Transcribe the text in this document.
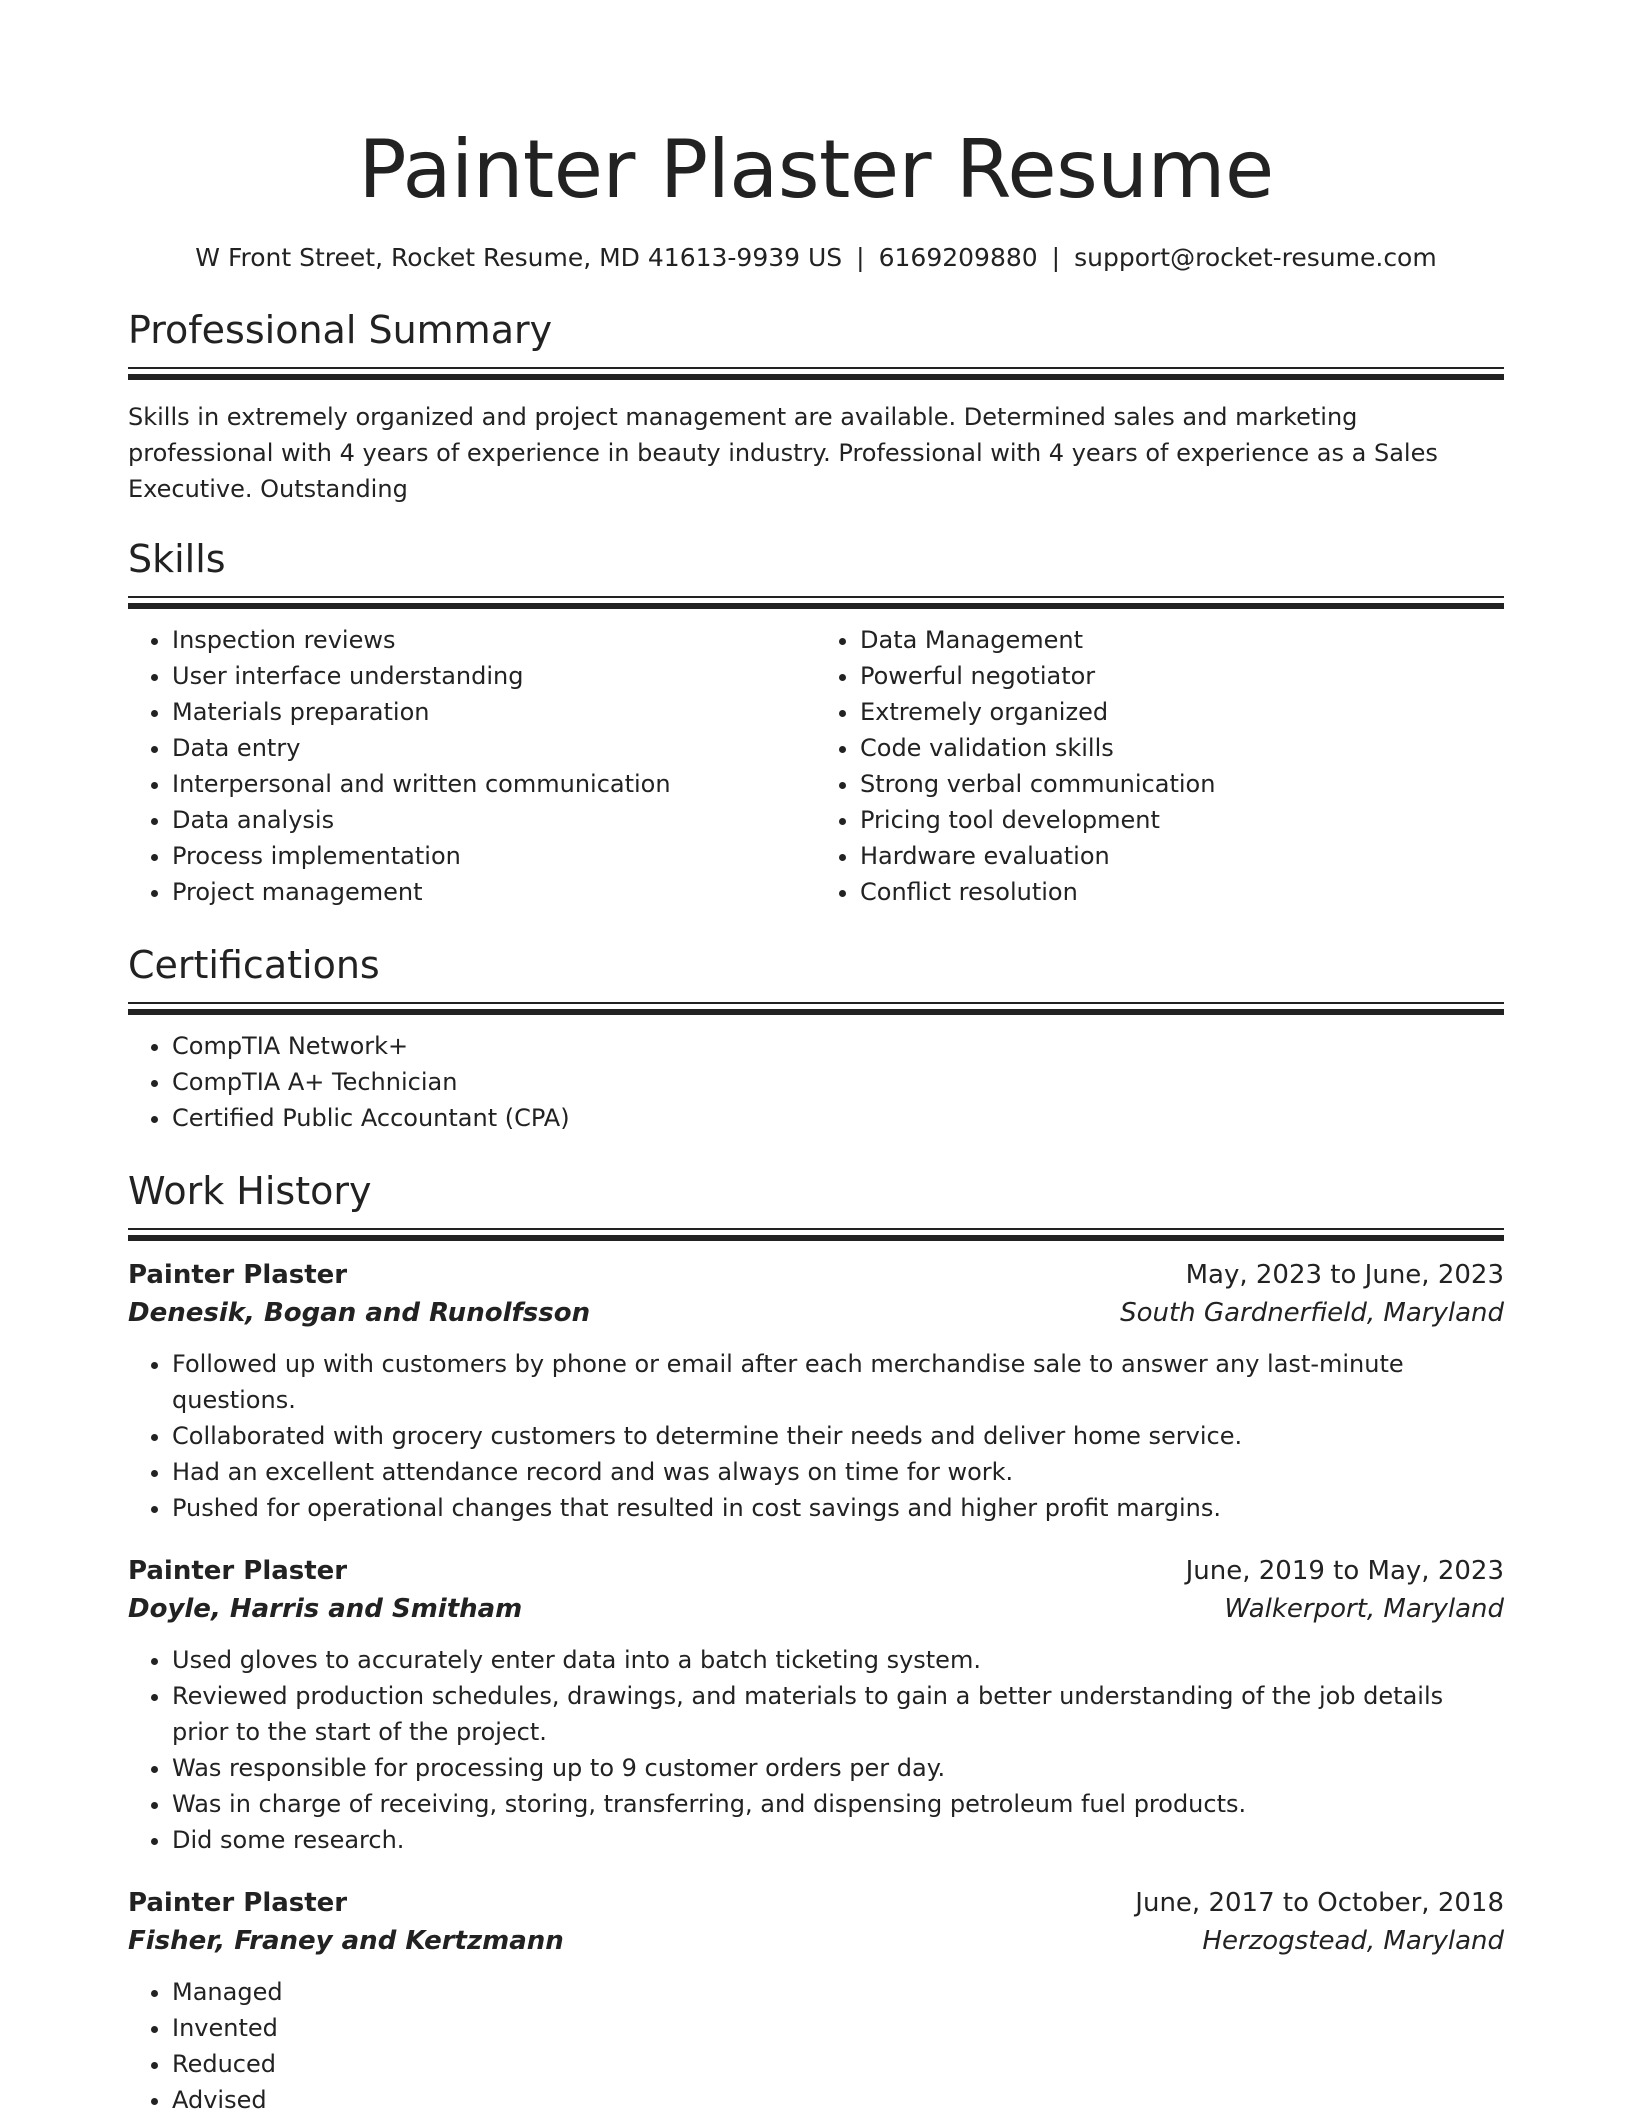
Painter Plaster Resume
W Front Street, Rocket Resume, MD 41613-9939 US | 6169209880 | support@rocket-resume.com
Professional Summary

Skills in extremely organized and project management are available. Determined sales and marketing professional with 4 years of experience in beauty industry. Professional with 4 years of experience as a Sales Executive. Outstanding

Skills
• Inspection reviews
• User interface understanding
• Materials preparation
• Data entry
• Interpersonal and written communication
• Data analysis
• Process implementation
• Project management
• Data Management
• Powerful negotiator
• Extremely organized
• Code validation skills
• Strong verbal communication
• Pricing tool development
• Hardware evaluation
• Conflict resolution
Certifications
• CompTIA Network+
• CompTIA A+ Technician
• Certified Public Accountant (CPA)
Work History
Painter Plaster	May, 2023 to June, 2023
Denesik, Bogan and Runolfsson	South Gardnerfield, Maryland
• Followed up with customers by phone or email after each merchandise sale to answer any last-minute questions.
• Collaborated with grocery customers to determine their needs and deliver home service.
• Had an excellent attendance record and was always on time for work.
• Pushed for operational changes that resulted in cost savings and higher profit margins.
Painter Plaster	June, 2019 to May, 2023
Doyle, Harris and Smitham	Walkerport, Maryland
• Used gloves to accurately enter data into a batch ticketing system.
• Reviewed production schedules, drawings, and materials to gain a better understanding of the job details prior to the start of the project.
• Was responsible for processing up to 9 customer orders per day.
• Was in charge of receiving, storing, transferring, and dispensing petroleum fuel products.
• Did some research.
Painter Plaster	June, 2017 to October, 2018
Fisher, Franey and Kertzmann	Herzogstead, Maryland
• Managed
• Invented
• Reduced
• Advised
